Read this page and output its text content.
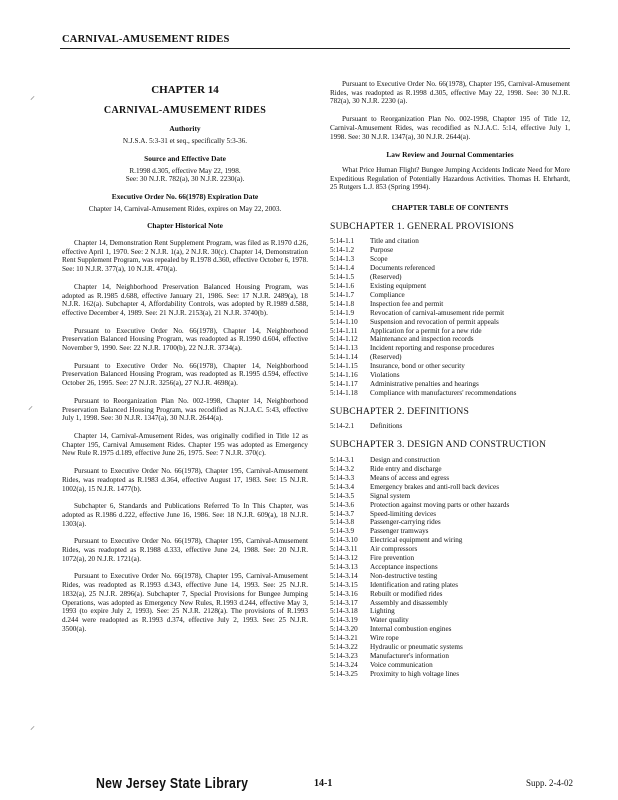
CARNIVAL-AMUSEMENT RIDES
⸝
⸝
⸝
CHAPTER 14
CARNIVAL-AMUSEMENT RIDES
Authority
N.J.S.A. 5:3-31 et seq., specifically 5:3-36.
Source and Effective Date
R.1998 d.305, effective May 22, 1998.
See: 30 N.J.R. 782(a), 30 N.J.R. 2230(a).
Executive Order No. 66(1978) Expiration Date
Chapter 14, Carnival-Amusement Rides, expires on May 22, 2003.
Chapter Historical Note

Chapter 14, Demonstration Rent Supplement Program, was filed as R.1970 d.26, effective April 1, 1970. See: 2 N.J.R. 1(a), 2 N.J.R. 30(c). Chapter 14, Demonstration Rent Supplement Program, was repealed by R.1978 d.360, effective October 6, 1978. See: 10 N.J.R. 377(a), 10 N.J.R. 470(a).

Chapter 14, Neighborhood Preservation Balanced Housing Program, was adopted as R.1985 d.688, effective January 21, 1986. See: 17 N.J.R. 2489(a), 18 N.J.R. 162(a). Subchapter 4, Affordability Controls, was adopted by R.1989 d.588, effective December 4, 1989. See: 21 N.J.R. 2153(a), 21 N.J.R. 3740(b).

Pursuant to Executive Order No. 66(1978), Chapter 14, Neighborhood Preservation Balanced Housing Program, was readopted as R.1990 d.604, effective November 9, 1990. See: 22 N.J.R. 1700(b), 22 N.J.R. 3734(a).

Pursuant to Executive Order No. 66(1978), Chapter 14, Neighborhood Preservation Balanced Housing Program, was readopted as R.1995 d.594, effective October 26, 1995. See: 27 N.J.R. 3256(a), 27 N.J.R. 4698(a).

Pursuant to Reorganization Plan No. 002-1998, Chapter 14, Neighborhood Preservation Balanced Housing Program, was recodified as N.J.A.C. 5:43, effective July 1, 1998. See: 30 N.J.R. 1347(a), 30 N.J.R. 2644(a).

Chapter 14, Carnival-Amusement Rides, was originally codified in Title 12 as Chapter 195, Carnival Amusement Rides. Chapter 195 was adopted as Emergency New Rule R.1975 d.189, effective June 26, 1975. See: 7 N.J.R. 370(c).

Pursuant to Executive Order No. 66(1978), Chapter 195, Carnival-Amusement Rides, was readopted as R.1983 d.364, effective August 17, 1983. See: 15 N.J.R. 1002(a), 15 N.J.R. 1477(b).

Subchapter 6, Standards and Publications Referred To In This Chapter, was adopted as R.1986 d.222, effective June 16, 1986. See: 18 N.J.R. 609(a), 18 N.J.R. 1303(a).

Pursuant to Executive Order No. 66(1978), Chapter 195, Carnival-Amusement Rides, was readopted as R.1988 d.333, effective June 24, 1988. See: 20 N.J.R. 1072(a), 20 N.J.R. 1721(a).

Pursuant to Executive Order No. 66(1978), Chapter 195, Carnival-Amusement Rides, was readopted as R.1993 d.343, effective June 14, 1993. See: 25 N.J.R. 1832(a), 25 N.J.R. 2896(a). Subchapter 7, Special Provisions for Bungee Jumping Operations, was adopted as Emergency New Rules, R.1993 d.244, effective May 3, 1993 (to expire July 2, 1993). See: 25 N.J.R. 2128(a). The provisions of R.1993 d.244 were readopted as R.1993 d.374, effective July 2, 1993. See: 25 N.J.R. 3500(a).

Pursuant to Executive Order No. 66(1978), Chapter 195, Carnival-Amusement Rides, was readopted as R.1998 d.305, effective May 22, 1998. See: 30 N.J.R. 782(a), 30 N.J.R. 2230 (a).

Pursuant to Reorganization Plan No. 002-1998, Chapter 195 of Title 12, Carnival-Amusement Rides, was recodified as N.J.A.C. 5:14, effective July 1, 1998. See: 30 N.J.R. 1347(a), 30 N.J.R. 2644(a).

Law Review and Journal Commentaries

What Price Human Flight? Bungee Jumping Accidents Indicate Need for More Expeditious Regulation of Potentially Hazardous Activities. Thomas H. Ehrhardt, 25 Rutgers L.J. 853 (Spring 1994).

CHAPTER TABLE OF CONTENTS
SUBCHAPTER 1. GENERAL PROVISIONS
5:14-1.1	Title and citation
5:14-1.2	Purpose
5:14-1.3	Scope
5:14-1.4	Documents referenced
5:14-1.5	(Reserved)
5:14-1.6	Existing equipment
5:14-1.7	Compliance
5:14-1.8	Inspection fee and permit
5:14-1.9	Revocation of carnival-amusement ride permit
5:14-1.10	Suspension and revocation of permit appeals
5:14-1.11	Application for a permit for a new ride
5:14-1.12	Maintenance and inspection records
5:14-1.13	Incident reporting and response procedures
5:14-1.14	(Reserved)
5:14-1.15	Insurance, bond or other security
5:14-1.16	Violations
5:14-1.17	Administrative penalties and hearings
5:14-1.18	Compliance with manufacturers' recommendations
SUBCHAPTER 2. DEFINITIONS
5:14-2.1	Definitions
SUBCHAPTER 3. DESIGN AND CONSTRUCTION
5:14-3.1	Design and construction
5:14-3.2	Ride entry and discharge
5:14-3.3	Means of access and egress
5:14-3.4	Emergency brakes and anti-roll back devices
5:14-3.5	Signal system
5:14-3.6	Protection against moving parts or other hazards
5:14-3.7	Speed-limiting devices
5:14-3.8	Passenger-carrying rides
5:14-3.9	Passenger tramways
5:14-3.10	Electrical equipment and wiring
5:14-3.11	Air compressors
5:14-3.12	Fire prevention
5:14-3.13	Acceptance inspections
5:14-3.14	Non-destructive testing
5:14-3.15	Identification and rating plates
5:14-3.16	Rebuilt or modified rides
5:14-3.17	Assembly and disassembly
5:14-3.18	Lighting
5:14-3.19	Water quality
5:14-3.20	Internal combustion engines
5:14-3.21	Wire rope
5:14-3.22	Hydraulic or pneumatic systems
5:14-3.23	Manufacturer's information
5:14-3.24	Voice communication
5:14-3.25	Proximity to high voltage lines
New Jersey State Library	14-1	Supp. 2-4-02
